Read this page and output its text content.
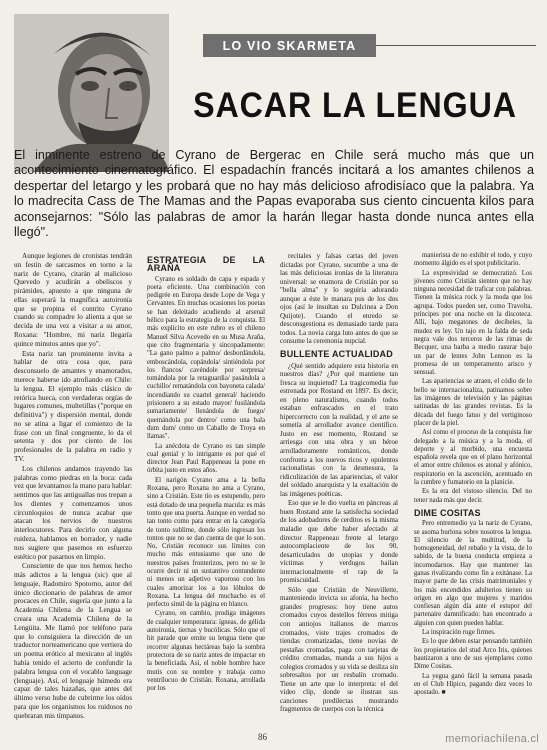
LO VIO SKARMETA
SACAR LA LENGUA

El inminente estreno de Cyrano de Bergerac en Chile será mucho más que un acontecimiento cinematográfico. El espadachín francés incitará a los amantes chilenos a despertar del letargo y les probará que no hay más delicioso afrodisíaco que la palabra. Ya lo madrecita Cass de The Mamas and the Papas evaporaba sus ciento cincuenta kilos para aconsejarnos: "Sólo las palabras de amor la harán llegar hasta donde nunca antes ella llegó".

Aunque legiones de cronistas tendrán un festín de sarcasmos en torno a la nariz de Cyrano, citarán al malicioso Quevedo y acudirán a obeliscos y pirámides, apuesto a que ninguna de ellas superará la magnífica autoironía que se propina el contrito Cyrano cuando su compadre lo alienta a que se decida de una vez a visitar a su amor, Roxana: "Hombre, mi nariz llegaría quince minutos antes que yo".

Esta nariz tan prominente invita a hablar de otra cosa que, para desconsuelo de amantes y enamorados, merece haberse ido atrofiando en Chile: la lengua. El ejemplo más clásico de retórica hueca, con verdaderas orgías de lugares comunes, multetillas ("porque en definitiva") y dispersión mental, donde no se atina a ligar el comienzo de la frase con un final congruente, lo da el setenta y dos por ciento de los profesionales de la palabra en radio y TV.

Los chilenos andamos trayendo las palabras como piedras en la boca: cada vez que levantamos la mano para hablar: sentimos que las antiguallas nos trepan a los dientes y comenzamos unos circunloquios de nunca acabar que atacan los nervios de nuestros interlocutores. Para decirlo con alguna ruideza, hablamos en borrador, y nadie nos sugiere que pasemos en esfuerzo estético por pasarnos en limpio.

Consciente de que nos hemos hecho más adictos a la lengua (sic) que al lenguaje, Radomiro Spotorno, autor del único diccionario de palabras de amor procaces en Chile, sugería que junto a la Academia Chilena de la Lengua se creara una Academia Chilena de la Lengüita. Me llamó por teléfono para que lo consiguiera la dirección de un traductor norteamericano que vertiera do un poema erótico al mexicano al inglés había tenido el acierto de confundir la palabra lengua con el vocablo language (lenguaje). Así, el lenguaje húmedo era capaz de tales hazañas, que antes del último verso hube de cubrirme los oídos para que los organismos los ruidosos no quebraran mis tímpanos.

ESTRATEGIA DE LA ARAÑA

Cyrano es soldado de capa y espada y poeta eficiente. Una combinación con pedigrée en Europa desde Lope de Vega y Cervantes. En muchas ocasiones los poetas se han deleitado acudiendo al arsenal bélico para la estrategia de la conquista. El más explícito en este rubro es el chileno Manuel Silva Acevedo en su Musa Araña, que cito fragmentaria y sincopadamente: "La gano palmo a palmo/ desbordándola, emboscándola, copándola/ sintiéndola por los flancos/ cavéndole por sorpresa/ tomándola por la retaguardia/ pasándola a cuchillo/ rematándola con bayoneta calada/ incendiando su cuartel general/ haciendo prisionero a su estado mayor/ fusilándola sumariamente/ llenándola de fuego/ quemándola por dentro/ como una bala dum dum/ como un Caballo de Troya en llamas".

La anécdota de Cyrano es tan simple cual genial y lo intrigante es por qué el director Jean Paul Rappeneau la pone en órbita justo en estos años.

El narigón Cyrano ama a la bella Roxana, pero Roxana no ama a Cyrano, sino a Cristián. Este tío es estupendo, pero está dotado de una pequeña macula: es más tonto que una puerta. Aunque en verdad no tan tonto como para entrar en la categoría de tonto sublime, donde sólo ingresan los tontos que no se dan cuenta de que lo son. No, Cristián reconoce sus límites con mucho más entusiasmo que uno de nuestros países fronterizos, pero no se le ocurre decir ni un sustantivo contundente ni menos un adjetivo vaporoso con los cuales amorizar los a los lóbulos de Roxana. La lengua del muchacho es el perfecto símil de la página en blanco.

Cyrano, en cambio, prodiga imágenes de cualquier temperatura: ígneas, de gélida autoironía, tiernas y bucólicas. Sólo que el hit parade que emite su lengua tiene que recorrer algunas hectáreas bajo la sombra protectora de su nariz antes de impactar en la beneficiada. Así, el noble hombre hace mutis con su nombre y trabaja como ventrílocuo de Cristián. Roxana, arrollada por los

recitales y falsas cartas del joven dictadas por Cyrano, sucumbe a una de las más deliciosas ironías de la literatura universal: se enamora de Cristián por su "bella alma" y lo seguiría adorando aunque a éste le manara pus de los dos ojos (así le insultan su Dulcinea a Don Quijote). Cuando el enredo se desconsgestiona es demasiado tarde para todos. La novia carga luto antes de que se consume la ceremonia nupcial.

BULLENTE ACTUALIDAD

¿Qué sentido adquiere esta historia en nuestros días? ¿Por qué mantiene tan fresca su inquietud? La tragicomedia fue estrenada por Rostand en 1897. Es decir, en pleno naturalismo, cuando todos estaban enfrascados en el trato hipercorrecto con la realidad, y el arte se sometía al arrollador avance científico. Justo en ese momento, Rostand se arriesga con una obra y un héroe arrolladoramente románticos, donde confronta a los nuevos ricos y opulentos racionalistas con la desmesura, la ridiculización de las apariencias, el valor del soldado anarquista y la exaltación de las imágenes poéticas.

Eso que se le dio vuelta en páncreas al buen Rostand ante la satisfecha sociedad de los adobadores de cerditos es la misma maladie que debe haber afectado al director Rappeneau frente al letargo autocomplaciente de los 90, desarticulados de utopías y donde víctimas y verdugos bailan internacionalmente el rap de la promiscuidad.

Sólo que Cristián de Neuvillette, manteniendo invicta su afonía, ha hecho grandes progresos: hoy tiene autos cromados cuyos destellos férreos mitiga con antiojos italianos de marcos cromados, viste trajes cromados de tiendas cromatizadas, tiene novias de pestañas cromadas, paga con tarjetas de crédito cromadas, manda a sus hijos a colegios cromados y su vida se desliza sin sobresaltos por un resbalín cromado. Tiene un arte que lo interpreta: el del video clip, donde se ilustran sus canciones predilectas mostrando fragmentos de cuerpos con la técnica

manierista de no exhibir el todo, y cuyo momento álgido es el spot publicitario.

La expresividad se democratizó. Los jóvenes como Cristián sienten que no hay ninguna necesidad de traficar con palabras. Tienen la música rock y la moda que los agrupa. Todos pueden ser, como Travolta, príncipes por una noche en la discoteca. Allí, bajo megatones de decibeles, la mudez es ley. Un tajo en la falda de seda negra vale dos terceros de las rimas de Becquer, una barba a medio rasurar bajo un par de lentes John Lennon es la promesa de un temperamento arisco y sensual.

Las apariencias se atraen, el códio de lo bello se internacionaliza, patinamos sobre las imágenes de televisión y las páginas satinadas de las grandes revistas. Es la década del fuego fatuo y del vertiginoso placer de la piel.

Así como el proceso de la conquista fue delegado a la música y a la moda, el deporte y al morbido, una encuesta española revela que en el plano horizontal el amor entre chilenos es atonal y afónico, respiratorio en la ascención, acentuado en la cumbre y fumatorio en la planicie.

Es la era del vistoso silencio. Del no tener nada más que decir.

DIME COSITAS

Pero entremedio ya la nariz de Cyrano, se asoma burlona sobre nosotros la lengua. El silencio de la multitud, de la homogeneidad, del rebaño y la vista, de lo sabido, de la buena conducta empieza a incomodarnos. Hay que mantener las ganas rivalizando como fin a exitánase. La mayor parte de las crisis matrimoniales y los más encendidos adulterios tienen su origen en algo que mujeres y maridos confiesan algún día ante el estupor del partenaire damnificado: han encontrado a alguien con quien pueden hablar.

La inspiración ruge firmes.

Es lo que deben estar pensando también los propietarios del stud Arco Iris, quienes bautizaron a uno de sus ejemplares como Dime Cositas.

La yegua ganó fácil la semana pasada en el Club Hípico, pagando diez veces lo apostado. ■

86	memoriachilena.cl
